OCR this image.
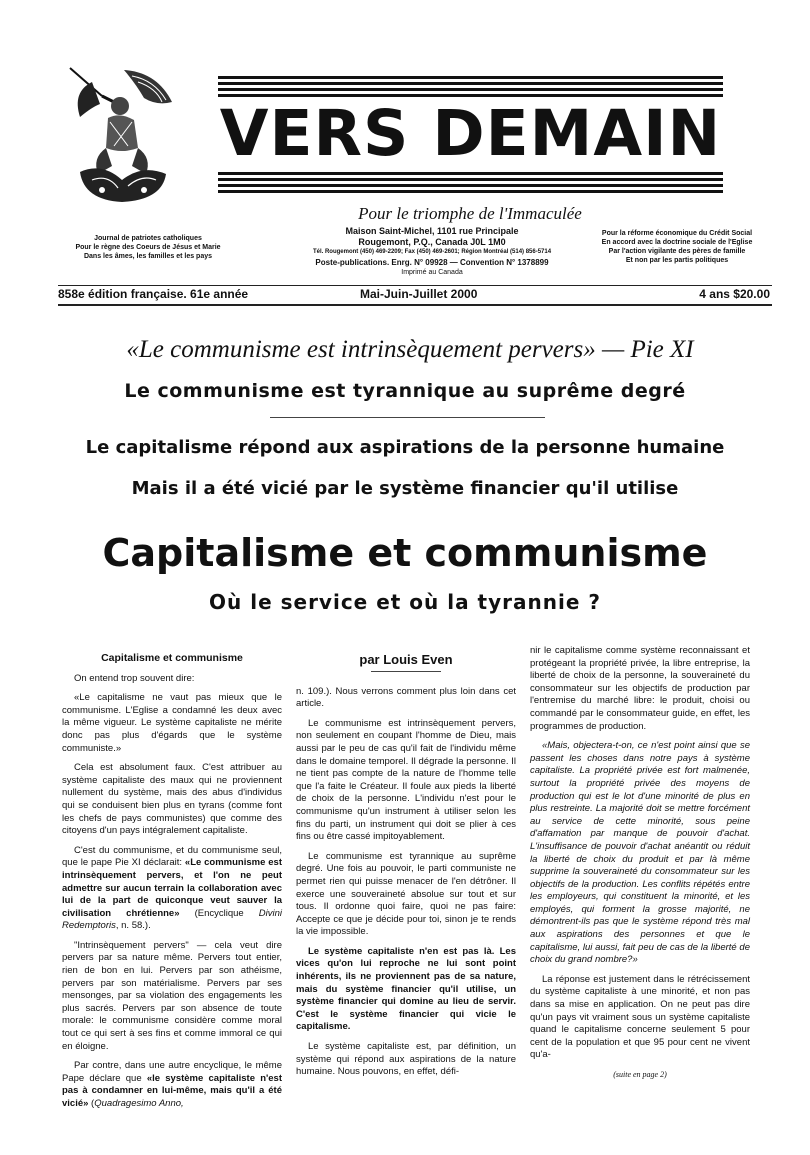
VERS DEMAIN
Pour le triomphe de l'Immaculée
Journal de patriotes catholiques
Pour le règne des Coeurs de Jésus et Marie
Dans les âmes, les familles et les pays
Maison Saint-Michel, 1101 rue Principale
Rougemont, P.Q., Canada J0L 1M0
Tél. Rougemont (450) 469-2209; Fax (450) 469-2601; Région Montréal (514) 856-5714
Poste-publications. Enrg. N° 09928 — Convention N° 1378899
Imprimé au Canada
Pour la réforme économique du Crédit Social
En accord avec la doctrine sociale de l'Eglise
Par l'action vigilante des pères de famille
Et non par les partis politiques
858e édition française. 61e année	Mai-Juin-Juillet 2000	4 ans $20.00
«Le communisme est intrinsèquement pervers» — Pie XI
Le communisme est tyrannique au suprême degré
Le capitalisme répond aux aspirations de la personne humaine
Mais il a été vicié par le système financier qu'il utilise
Capitalisme et communisme
Où le service et où la tyrannie ?

Capitalisme et communisme

On entend trop souvent dire:

«Le capitalisme ne vaut pas mieux que le communisme. L'Eglise a condamné les deux avec la même vigueur. Le système capitaliste ne mérite donc pas plus d'égards que le système communiste.»

Cela est absolument faux. C'est attribuer au système capitaliste des maux qui ne proviennent nullement du système, mais des abus d'individus qui se conduisent bien plus en tyrans (comme font les chefs de pays communistes) que comme des citoyens d'un pays intégralement capitaliste.

C'est du communisme, et du communisme seul, que le pape Pie XI déclarait: «Le communisme est intrinsèquement pervers, et l'on ne peut admettre sur aucun terrain la collaboration avec lui de la part de quiconque veut sauver la civilisation chrétienne» (Encyclique Divini Redemptoris, n. 58.).

"Intrinsèquement pervers" — cela veut dire pervers par sa nature même. Pervers tout entier, rien de bon en lui. Pervers par son athéisme, pervers par son matérialisme. Pervers par ses mensonges, par sa violation des engagements les plus sacrés. Pervers par son absence de toute morale: le communisme considère comme moral tout ce qui sert à ses fins et comme immoral ce qui en éloigne.

Par contre, dans une autre encyclique, le même Pape déclare que «le système capitaliste n'est pas à condamner en lui-même, mais qu'il a été vicié» (Quadragesimo Anno,

par Louis Even

n. 109.). Nous verrons comment plus loin dans cet article.

Le communisme est intrinsèquement pervers, non seulement en coupant l'homme de Dieu, mais aussi par le peu de cas qu'il fait de l'individu même dans le domaine temporel. Il dégrade la personne. Il ne tient pas compte de la nature de l'homme telle que l'a faite le Créateur. Il foule aux pieds la liberté de choix de la personne. L'individu n'est pour le communisme qu'un instrument à utiliser selon les fins du parti, un instrument qui doit se plier à ces fins ou être cassé impitoyablement.

Le communisme est tyrannique au suprême degré. Une fois au pouvoir, le parti communiste ne permet rien qui puisse menacer de l'en détrôner. Il exerce une souveraineté absolue sur tout et sur tous. Il ordonne quoi faire, quoi ne pas faire: Accepte ce que je décide pour toi, sinon je te rends la vie impossible.

Le système capitaliste n'en est pas là. Les vices qu'on lui reproche ne lui sont point inhérents, ils ne proviennent pas de sa nature, mais du système financier qu'il utilise, un système financier qui domine au lieu de servir. C'est le système financier qui vicie le capitalisme.

Le système capitaliste est, par définition, un système qui répond aux aspirations de la nature humaine. Nous pouvons, en effet, défi-

nir le capitalisme comme système reconnaissant et protégeant la propriété privée, la libre entreprise, la liberté de choix de la personne, la souveraineté du consommateur sur les objectifs de production par l'entremise du marché libre: le produit, choisi ou commandé par le consommateur guide, en effet, les programmes de production.

«Mais, objectera-t-on, ce n'est point ainsi que se passent les choses dans notre pays à système capitaliste. La propriété privée est fort malmenée, surtout la propriété privée des moyens de production qui est le lot d'une minorité de plus en plus restreinte. La majorité doit se mettre forcément au service de cette minorité, sous peine d'affamation par manque de pouvoir d'achat. L'insuffisance de pouvoir d'achat anéantit ou réduit la liberté de choix du produit et par là même supprime la souveraineté du consommateur sur les objectifs de la production. Les conflits répétés entre les employeurs, qui constituent la minorité, et les employés, qui forment la grosse majorité, ne démontrent-ils pas que le système répond très mal aux aspirations des personnes et que le capitalisme, lui aussi, fait peu de cas de la liberté de choix du grand nombre?»

La réponse est justement dans le rétrécissement du système capitaliste à une minorité, et non pas dans sa mise en application. On ne peut pas dire qu'un pays vit vraiment sous un système capitaliste quand le capitalisme concerne seulement 5 pour cent de la population et que 95 pour cent ne vivent qu'a-

(suite en page 2)
